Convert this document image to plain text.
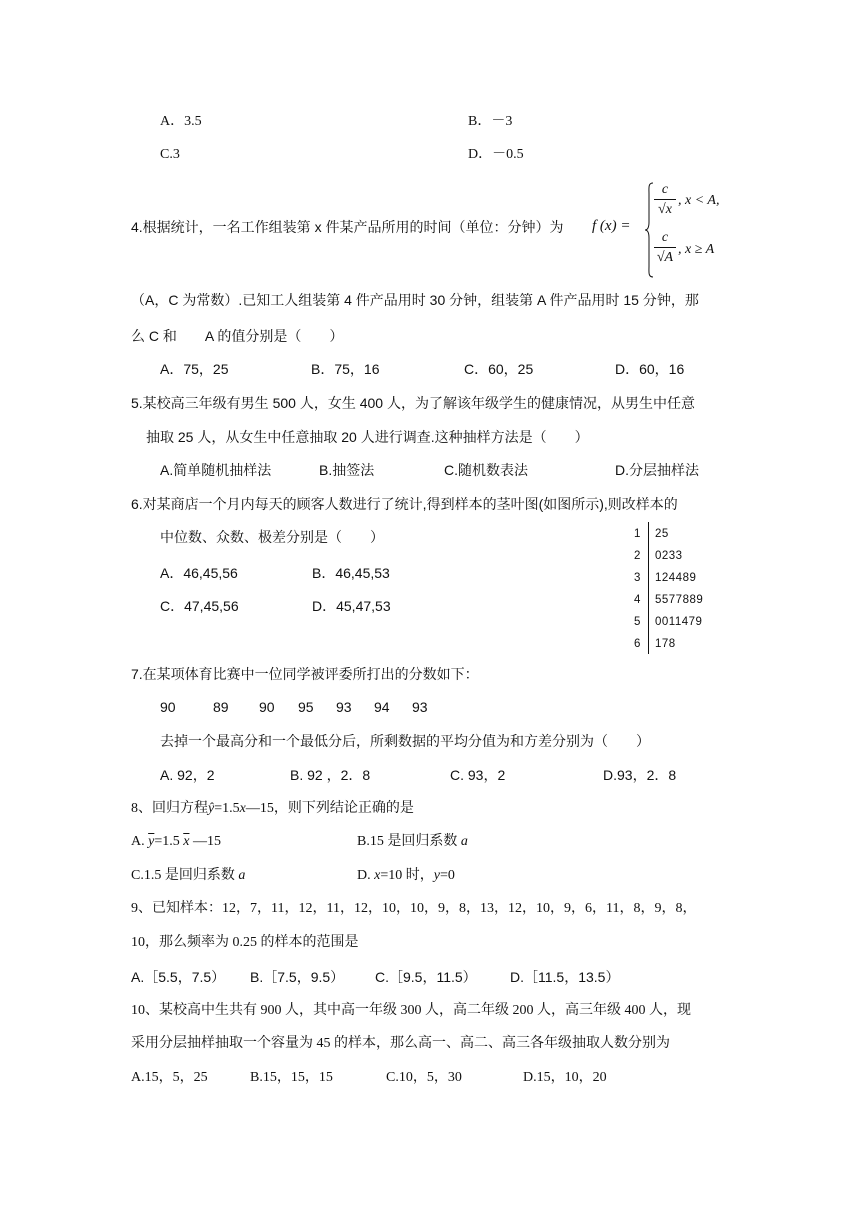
A．3.5	B．－3
C.3	D．－0.5
4.根据统计，一名工作组装第 x 件某产品所用的时间（单位：分钟）为 f (x) =
c
√x
, x < A,
c
√A
, x ≥ A
（A，C 为常数）.已知工人组装第 4 件产品用时 30 分钟，组装第 A 件产品用时 15 分钟，那
么 C 和　　A 的值分别是（　　）
A．75，25	B．75，16	C．60，25	D．60，16
5.某校高三年级有男生 500 人，女生 400 人，为了解该年级学生的健康情况，从男生中任意
抽取 25 人，从女生中任意抽取 20 人进行调查.这种抽样方法是（　　）
A.简单随机抽样法	B.抽签法	C.随机数表法	D.分层抽样法
6.对某商店一个月内每天的顾客人数进行了统计,得到样本的茎叶图(如图所示),则改样本的
中位数、众数、极差分别是（　　）
A．46,45,56	B．46,45,53
C．47,45,56	D．45,47,53
1 25
2 0233
3 124489
4 5577889
5 0011479
6 178
7.在某项体育比赛中一位同学被评委所打出的分数如下：
90	89 90 95 93 94 93
去掉一个最高分和一个最低分后，所剩数据的平均分值为和方差分别为（　　）
A. 92，2	B. 92 ，2．8	C. 93，2	D.93，2．8
8、回归方程ŷ=1.5x—15，则下列结论正确的是
A. $\overline{y}=1.5$ $\overline{x}$ —15	B.15 是回归系数 a
C.1.5 是回归系数 a	D. x=10 时，y=0
9、已知样本：12，7，11，12，11，12，10，10，9，8，13，12，10，9，6，11，8，9，8，
10，那么频率为 0.25 的样本的范围是
A.［5.5，7.5） B.［7.5，9.5） C.［9.5，11.5） D.［11.5，13.5）
10、某校高中生共有 900 人，其中高一年级 300 人，高二年级 200 人，高三年级 400 人，现
采用分层抽样抽取一个容量为 45 的样本，那么高一、高二、高三各年级抽取人数分别为
A.15，5，25	B.15，15，15	C.10，5，30	D.15，10，20
